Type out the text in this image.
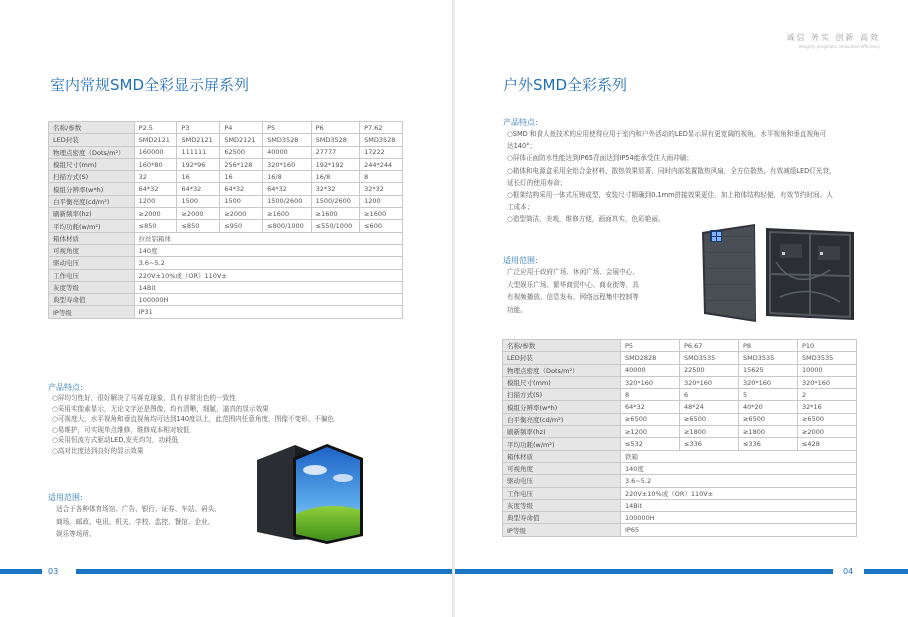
室内常规SMD全彩显示屏系列
名称/参数	P2.5	P3	P4	P5	P6	P7.62
LED封装	SMD2121	SMD2121	SMD2121	SMD3528	SMD3528	SMD3528
物理点密度（Dots/m²）	160000	111111	62500	40000	27777	17222
模组尺寸(mm)	160*80	192*96	256*128	320*160	192*192	244*244
扫描方式(S)	32	16	16	16/8	16/8	8
模组分辨率(w*h)	64*32	64*32	64*32	64*32	32*32	32*32
白平衡亮度(cd/m²)	1200	1500	1500	1500/2600	1500/2600	1200
刷新频率(hz)	≥2000	≥2000	≥2000	≥1600	≥1600	≥1600
平均功耗(w/m²)	≤850	≤850	≤950	≤800/1000	≤550/1000	≤600
箱体材质	拉丝铝箱体					
可视角度	140度					
驱动电压	3.6~5.2					
工作电压	220V±10%或（OR）110V±					
灰度等级	14Bit					
典型寿命值	100000H					
IP等级	IP31					
产品特点:
○屏均匀性好，很好解决了马赛克现象，具有非常出色的一致性
○采用实像素显示，无论文字还是图像，均有清晰，细腻，逼真的显示效果
○可视度大，水平视角和垂直视角均可达到140度以上，此范围内任意角度，图像不变形、不偏色
○易维护，可实现单点维修，维修成本相对较低
○采用恒流方式驱动LED,发光均匀，功耗低
○高对比度达到良好的显示效果
适用范围:
适合于各种体育场馆、广告、银行、证券、车站、码头、
商场、邮政、电讯、机关、学校、监控、餐馆、企业、
娱乐等场所。
03
诚信 务实 创新 高效
integrity pragmatic innovation efficiency
户外SMD全彩系列
产品特点:
○SMD 和食人鱼技术的应用使得应用于室内和户外活动的LED显示屏有更宽阔的视角，水平视角和垂直视角可
达140°；
○屏体正面防水性能达到IP65背面达到IP54能承受住大雨冲刷；
○箱体和电源盒采用全铝合金材料，散热效果显著，同时内部装置散热风扇，全方位散热，有效减缓LED灯光衰，
延长灯的使用寿命；
○框架结构采用一体式压铸成型，安装尺寸精确到0.1mm拼接效果更佳，加上箱体结构轻便，有效节约时间、人
工成本；
○造型简洁，美观，维修方便，画面真实，色彩艳丽。
适用范围:
广泛应用于政府广场、休闲广场、会展中心、
大型娱乐广场、繁华商贸中心、商业街等，具
有视频播放、信息发布、网络远程集中控制等
功能。
名称/参数	P5	P6.67	P8	P10
LED封装	SMD2828	SMD3535	SMD3535	SMD3535
物理点密度（Dots/m²）	40000	22500	15625	10000
模组尺寸(mm)	320*160	320*160	320*160	320*160
扫描方式(S)	8	6	5	2
模组分辨率(w*h)	64*32	48*24	40*20	32*16
白平衡亮度(cd/m²)	≥6500	≥6500	≥6500	≥6500
刷新频率(hz)	≥1200	≥1800	≥1800	≥2000
平均功耗(w/m²)	≤532	≤336	≤336	≤428
箱体材质	铁箱			
可视角度	140度			
驱动电压	3.6~5.2			
工作电压	220V±10%或（OR）110V±			
灰度等级	14Bit			
典型寿命值	100000H			
IP等级	IP65			
04
